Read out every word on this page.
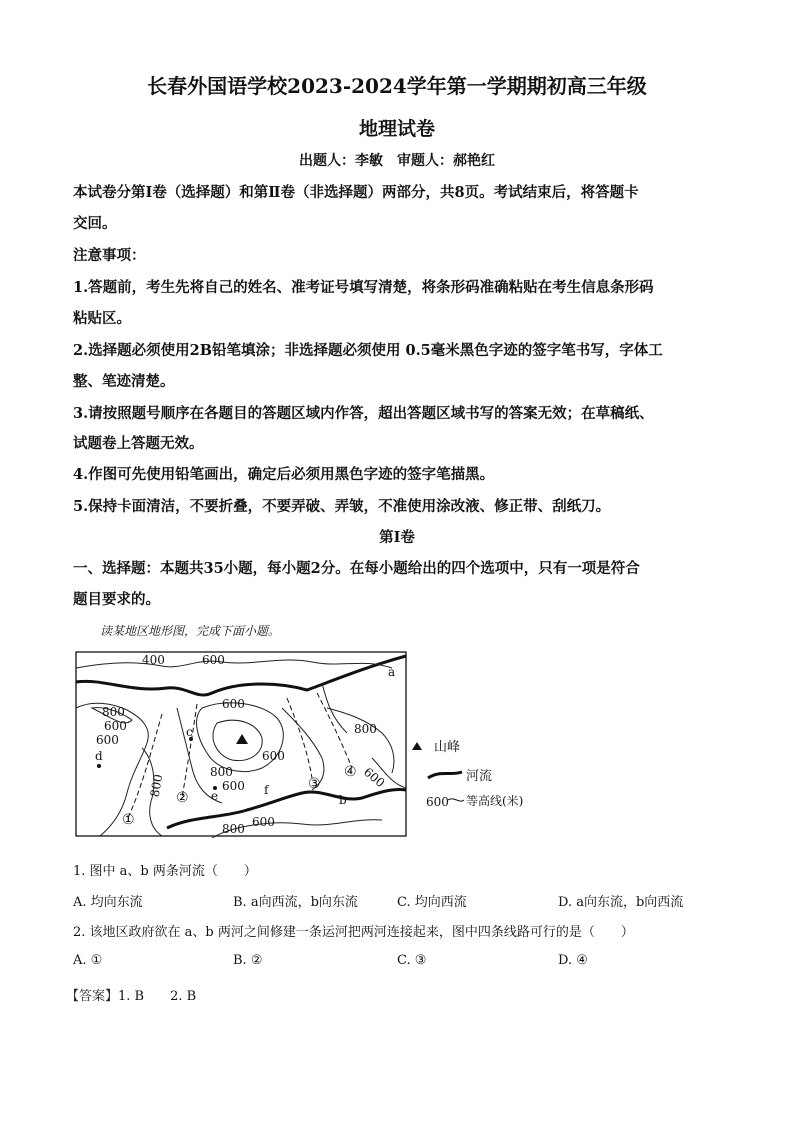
长春外国语学校2023-2024学年第一学期期初高三年级
地理试卷
出题人：李敏　审题人：郝艳红
本试卷分第Ⅰ卷（选择题）和第Ⅱ卷（非选择题）两部分，共8页。考试结束后，将答题卡
交回。
注意事项：
1.答题前，考生先将自己的姓名、准考证号填写清楚，将条形码准确粘贴在考生信息条形码
粘贴区。
2.选择题必须使用2B铅笔填涂；非选择题必须使用 0.5毫米黑色字迹的签字笔书写，字体工
整、笔迹清楚。
3.请按照题号顺序在各题目的答题区域内作答，超出答题区域书写的答案无效；在草稿纸、
试题卷上答题无效。
4.作图可先使用铅笔画出，确定后必须用黑色字迹的签字笔描黑。
5.保持卡面清洁，不要折叠，不要弄破、弄皱，不准使用涂改液、修正带、刮纸刀。
第Ⅰ卷
一、选择题：本题共35小题，每小题2分。在每小题给出的四个选项中，只有一项是符合
题目要求的。
读某地区地形图，完成下面小题。
400	600
600
800
600
600
800
800
600
800
600
800 600
600
a
b
c
d
e	f
①
②
③
④
山峰
河流
600 等高线(米)
1. 图中 a、b 两条河流（　　）
A. 均向东流	B. a向西流，b向东流	C. 均向西流	D. a向东流，b向西流
2. 该地区政府欲在 a、b 两河之间修建一条运河把两河连接起来，图中四条线路可行的是（　　）
A. ①	B. ②	C. ③	D. ④
【答案】1. B　　2. B
